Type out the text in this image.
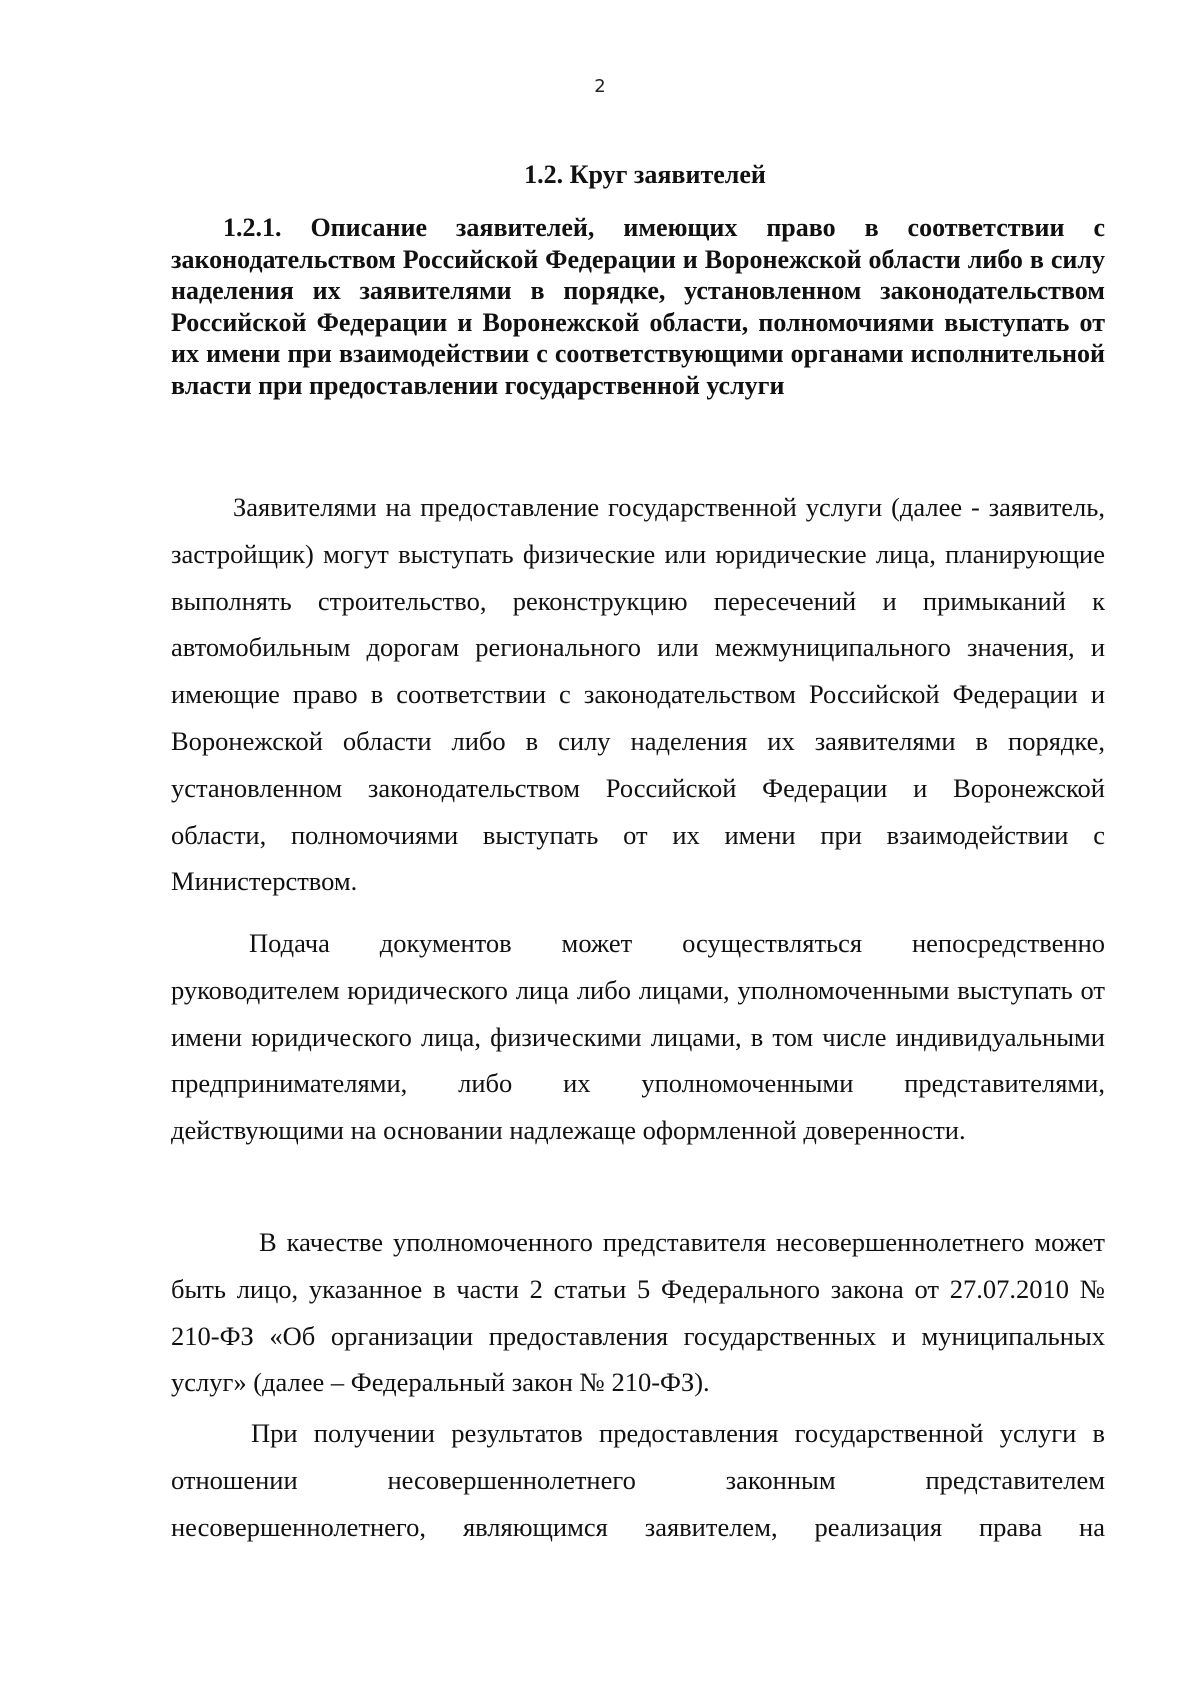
2
1.2. Круг заявителей
1.2.1. Описание заявителей, имеющих право в соответствии с законодательством Российской Федерации и Воронежской области либо в силу наделения их заявителями в порядке, установленном законодательством Российской Федерации и Воронежской области, полномочиями выступать от их имени при взаимодействии с соответствующими органами исполнительной власти при предоставлении государственной услуги

Заявителями на предоставление государственной услуги (далее - заявитель, застройщик) могут выступать физические или юридические лица, планирующие выполнять строительство, реконструкцию пересечений и примыканий к автомобильным дорогам регионального или межмуниципального значения, и имеющие право в соответствии с законодательством Российской Федерации и Воронежской области либо в силу наделения их заявителями в порядке, установленном законодательством Российской Федерации и Воронежской области, полномочиями выступать от их имени при взаимодействии с Министерством.

Подача документов может осуществляться непосредственно руководителем юридического лица либо лицами, уполномоченными выступать от имени юридического лица, физическими лицами, в том числе индивидуальными предпринимателями, либо их уполномоченными представителями, действующими на основании надлежаще оформленной доверенности.

В качестве уполномоченного представителя несовершеннолетнего может быть лицо, указанное в части 2 статьи 5 Федерального закона от 27.07.2010 № 210-ФЗ «Об организации предоставления государственных и муниципальных услуг» (далее – Федеральный закон № 210-ФЗ).

При получении результатов предоставления государственной услуги в отношении несовершеннолетнего законным представителем несовершеннолетнего, являющимся заявителем, реализация права на
